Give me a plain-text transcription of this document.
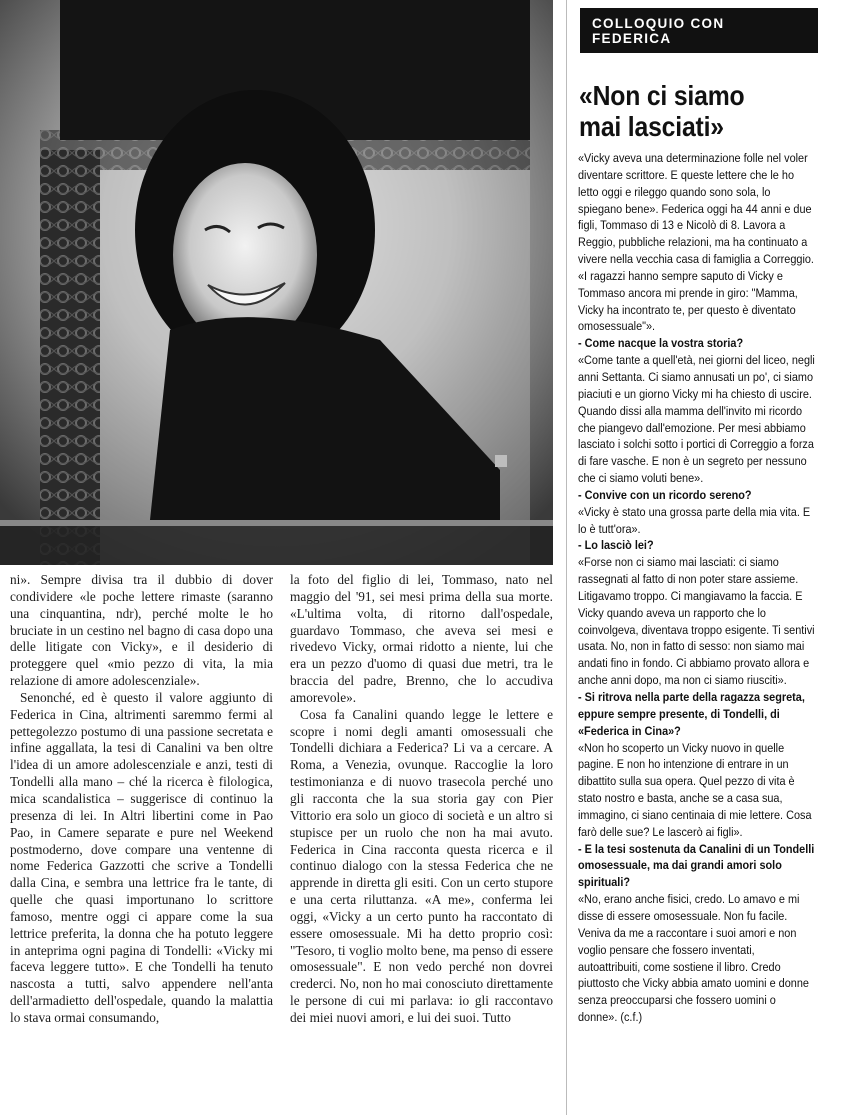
COLLOQUIO CON FEDERICA
«Non ci siamo
mai lasciati»

«Vicky aveva una determinazione folle nel voler diventare scrittore. E queste lettere che le ho letto oggi e rileggo quando sono sola, lo spiegano bene». Federica oggi ha 44 anni e due figli, Tommaso di 13 e Nicolò di 8. Lavora a Reggio, pubbliche relazioni, ma ha continuato a vivere nella vecchia casa di famiglia a Correggio. «I ragazzi hanno sempre saputo di Vicky e Tommaso ancora mi prende in giro: "Mamma, Vicky ha incontrato te, per questo è diventato omosessuale"».

- Come nacque la vostra storia?

«Come tante a quell'età, nei giorni del liceo, negli anni Settanta. Ci siamo annusati un po', ci siamo piaciuti e un giorno Vicky mi ha chiesto di uscire. Quando dissi alla mamma dell'invito mi ricordo che piangevo dall'emozione. Per mesi abbiamo lasciato i solchi sotto i portici di Correggio a forza di fare vasche. E non è un segreto per nessuno che ci siamo voluti bene».

- Convive con un ricordo sereno?

«Vicky è stato una grossa parte della mia vita. E lo è tutt'ora».

- Lo lasciò lei?

«Forse non ci siamo mai lasciati: ci siamo rassegnati al fatto di non poter stare assieme. Litigavamo troppo. Ci mangiavamo la faccia. E Vicky quando aveva un rapporto che lo coinvolgeva, diventava troppo esigente. Ti sentivi usata. No, non in fatto di sesso: non siamo mai andati fino in fondo. Ci abbiamo provato allora e anche anni dopo, ma non ci siamo riusciti».

- Si ritrova nella parte della ragazza segreta, eppure sempre presente, di Tondelli, di «Federica in Cina»?

«Non ho scoperto un Vicky nuovo in quelle pagine. E non ho intenzione di entrare in un dibattito sulla sua opera. Quel pezzo di vita è stato nostro e basta, anche se a casa sua, immagino, ci siano centinaia di mie lettere. Cosa farò delle sue? Le lascerò ai figli».

- E la tesi sostenuta da Canalini di un Tondelli omosessuale, ma dai grandi amori solo spirituali?

«No, erano anche fisici, credo. Lo amavo e mi disse di essere omosessuale. Non fu facile. Veniva da me a raccontare i suoi amori e non voglio pensare che fossero inventati, autoattribuiti, come sostiene il libro. Credo piuttosto che Vicky abbia amato uomini e donne senza preoccuparsi che fossero uomini o donne». (c.f.)

ni». Sempre divisa tra il dubbio di dover condividere «le poche lettere rimaste (saranno una cinquantina, ndr), perché molte le ho bruciate in un cestino nel bagno di casa dopo una delle litigate con Vicky», e il desiderio di proteggere quel «mio pezzo di vita, la mia relazione di amore adolescenziale».

Senonché, ed è questo il valore aggiunto di Federica in Cina, altrimenti saremmo fermi al pettegolezzo postumo di una passione secretata e infine aggallata, la tesi di Canalini va ben oltre l'idea di un amore adolescenziale e anzi, testi di Tondelli alla mano – ché la ricerca è filologica, mica scandalistica – suggerisce di continuo la presenza di lei. In Altri libertini come in Pao Pao, in Camere separate e pure nel Weekend postmoderno, dove compare una ventenne di nome Federica Gazzotti che scrive a Tondelli dalla Cina, e sembra una lettrice fra le tante, di quelle che quasi importunano lo scrittore famoso, mentre oggi ci appare come la sua lettrice preferita, la donna che ha potuto leggere in anteprima ogni pagina di Tondelli: «Vicky mi faceva leggere tutto». E che Tondelli ha tenuto nascosta a tutti, salvo appendere nell'anta dell'armadietto dell'ospedale, quando la malattia lo stava ormai consumando,

la foto del figlio di lei, Tommaso, nato nel maggio del '91, sei mesi prima della sua morte. «L'ultima volta, di ritorno dall'ospedale, guardavo Tommaso, che aveva sei mesi e rivedevo Vicky, ormai ridotto a niente, lui che era un pezzo d'uomo di quasi due metri, tra le braccia del padre, Brenno, che lo accudiva amorevole».

Cosa fa Canalini quando legge le lettere e scopre i nomi degli amanti omosessuali che Tondelli dichiara a Federica? Li va a cercare. A Roma, a Venezia, ovunque. Raccoglie la loro testimonianza e di nuovo trasecola perché uno gli racconta che la sua storia gay con Pier Vittorio era solo un gioco di società e un altro si stupisce per un ruolo che non ha mai avuto. Federica in Cina racconta questa ricerca e il continuo dialogo con la stessa Federica che ne apprende in diretta gli esiti. Con un certo stupore e una certa riluttanza. «A me», conferma lei oggi, «Vicky a un certo punto ha raccontato di essere omosessuale. Mi ha detto proprio così: "Tesoro, ti voglio molto bene, ma penso di essere omosessuale". E non vedo perché non dovrei crederci. No, non ho mai conosciuto direttamente le persone di cui mi parlava: io gli raccontavo dei miei nuovi amori, e lui dei suoi. Tutto
